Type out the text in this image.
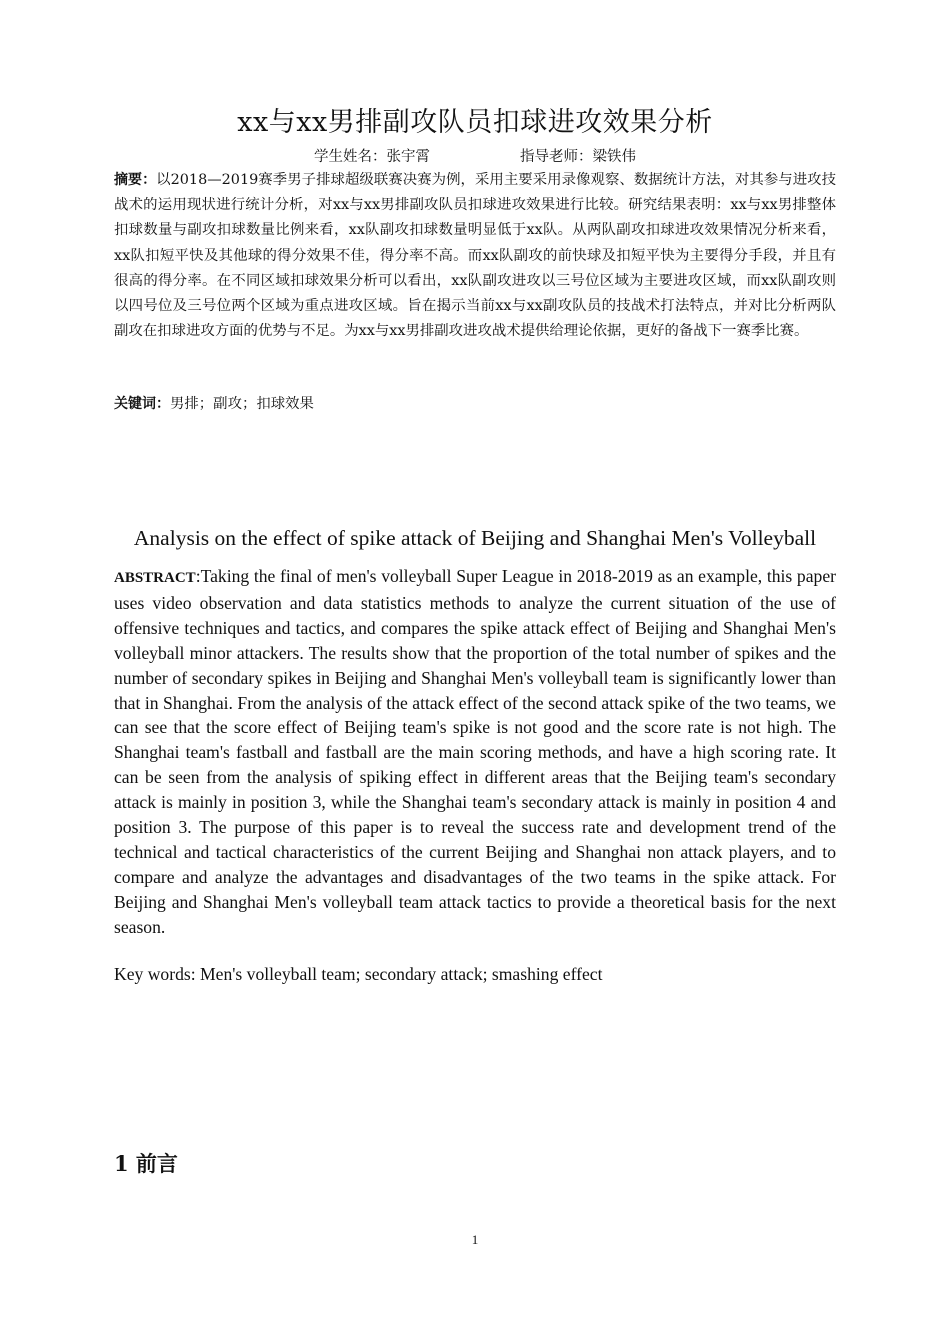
xx与xx男排副攻队员扣球进攻效果分析
学生姓名：张宇霄	指导老师：梁铁伟
摘要：以2018—2019赛季男子排球超级联赛决赛为例，采用主要采用录像观察、数据统计方法，对其参与进攻技战术的运用现状进行统计分析，对xx与xx男排副攻队员扣球进攻效果进行比较。研究结果表明：xx与xx男排整体扣球数量与副攻扣球数量比例来看，xx队副攻扣球数量明显低于xx队。从两队副攻扣球进攻效果情况分析来看，xx队扣短平快及其他球的得分效果不佳，得分率不高。而xx队副攻的前快球及扣短平快为主要得分手段，并且有很高的得分率。在不同区域扣球效果分析可以看出，xx队副攻进攻以三号位区域为主要进攻区域，而xx队副攻则以四号位及三号位两个区域为重点进攻区域。旨在揭示当前xx与xx副攻队员的技战术打法特点，并对比分析两队副攻在扣球进攻方面的优势与不足。为xx与xx男排副攻进攻战术提供给理论依据，更好的备战下一赛季比赛。
关键词：男排；副攻；扣球效果
Analysis on the effect of spike attack of Beijing and Shanghai Men's Volleyball
ABSTRACT:Taking the final of men's volleyball Super League in 2018-2019 as an example, this paper uses video observation and data statistics methods to analyze the current situation of the use of offensive techniques and tactics, and compares the spike attack effect of Beijing and Shanghai Men's volleyball minor attackers. The results show that the proportion of the total number of spikes and the number of secondary spikes in Beijing and Shanghai Men's volleyball team is significantly lower than that in Shanghai. From the analysis of the attack effect of the second attack spike of the two teams, we can see that the score effect of Beijing team's spike is not good and the score rate is not high. The Shanghai team's fastball and fastball are the main scoring methods, and have a high scoring rate. It can be seen from the analysis of spiking effect in different areas that the Beijing team's secondary attack is mainly in position 3, while the Shanghai team's secondary attack is mainly in position 4 and position 3. The purpose of this paper is to reveal the success rate and development trend of the technical and tactical characteristics of the current Beijing and Shanghai non attack players, and to compare and analyze the advantages and disadvantages of the two teams in the spike attack. For Beijing and Shanghai Men's volleyball team attack tactics to provide a theoretical basis for the next season.
Key words: Men's volleyball team; secondary attack; smashing effect
1 前言
1
